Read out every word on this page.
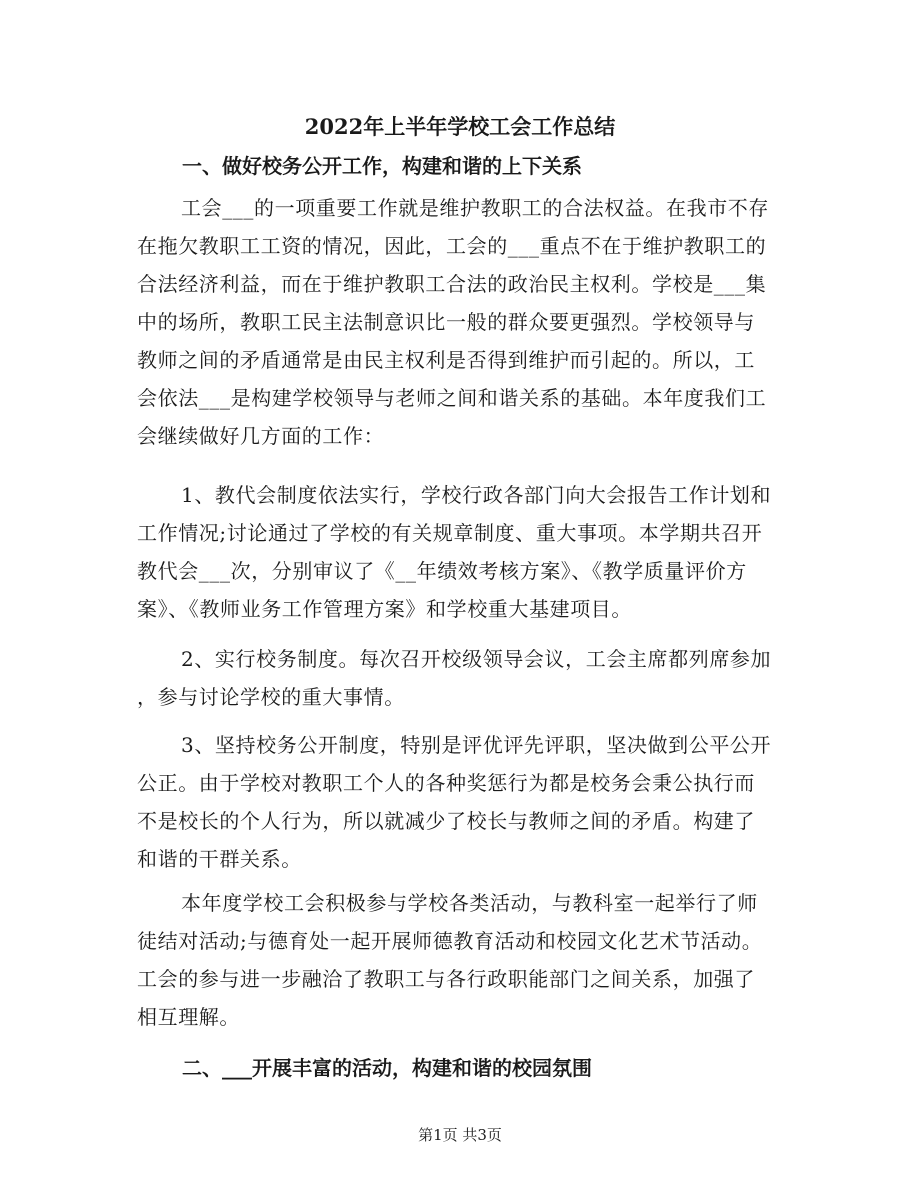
2022年上半年学校工会工作总结
一、做好校务公开工作，构建和谐的上下关系
工会___的一项重要工作就是维护教职工的合法权益。在我市不存
在拖欠教职工工资的情况，因此，工会的___重点不在于维护教职工的
合法经济利益，而在于维护教职工合法的政治民主权利。学校是___集
中的场所，教职工民主法制意识比一般的群众要更强烈。学校领导与
教师之间的矛盾通常是由民主权利是否得到维护而引起的。所以，工
会依法___是构建学校领导与老师之间和谐关系的基础。本年度我们工
会继续做好几方面的工作：
1、教代会制度依法实行，学校行政各部门向大会报告工作计划和
工作情况;讨论通过了学校的有关规章制度、重大事项。本学期共召开
教代会___次，分别审议了《__年绩效考核方案》、《教学质量评价方
案》、《教师业务工作管理方案》和学校重大基建项目。
2、实行校务制度。每次召开校级领导会议，工会主席都列席参加
，参与讨论学校的重大事情。
3、坚持校务公开制度，特别是评优评先评职，坚决做到公平公开
公正。由于学校对教职工个人的各种奖惩行为都是校务会秉公执行而
不是校长的个人行为，所以就减少了校长与教师之间的矛盾。构建了
和谐的干群关系。
本年度学校工会积极参与学校各类活动，与教科室一起举行了师
徒结对活动;与德育处一起开展师德教育活动和校园文化艺术节活动。
工会的参与进一步融洽了教职工与各行政职能部门之间关系，加强了
相互理解。
二、___开展丰富的活动，构建和谐的校园氛围
第1页 共3页
